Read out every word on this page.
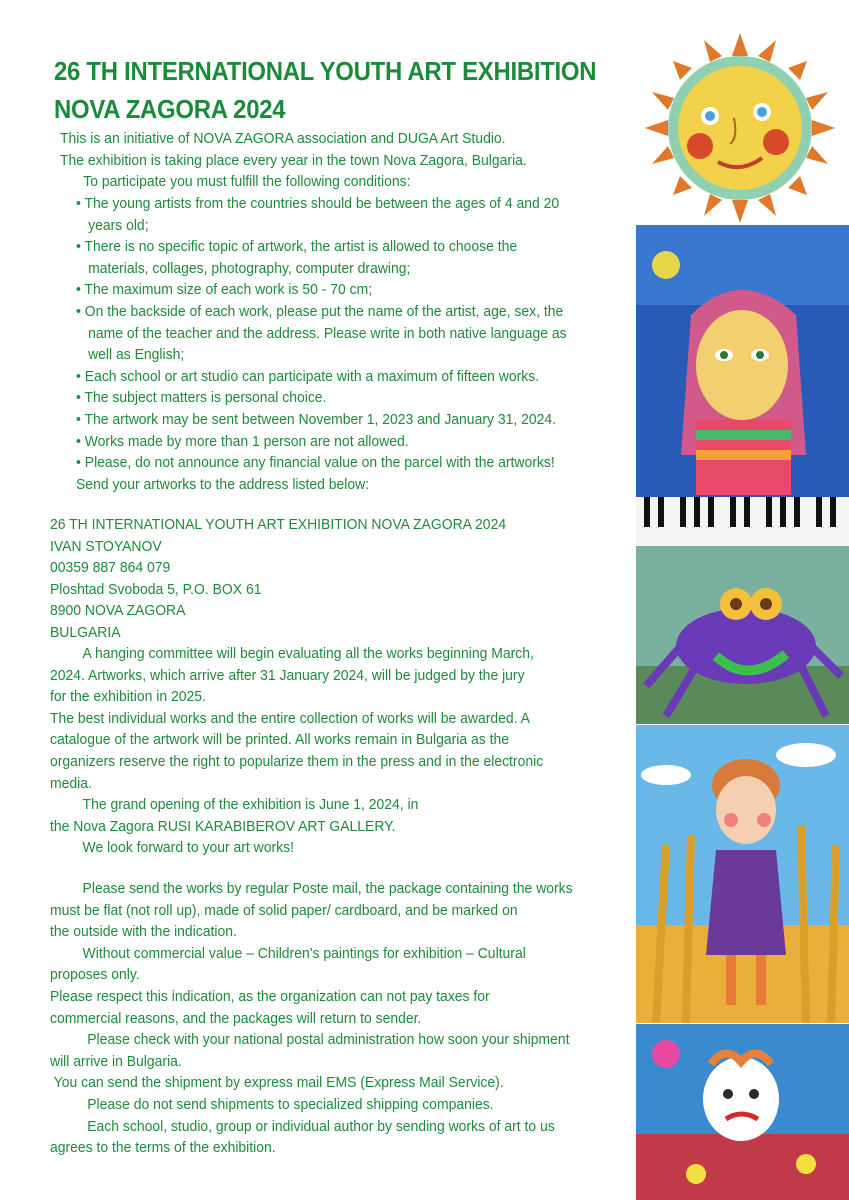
26 TH INTERNATIONAL YOUTH ART EXHIBITION
NOVA ZAGORA 2024
This is an initiative of NOVA ZAGORA association and DUGA Art Studio.
The exhibition is taking place every year in the town Nova Zagora, Bulgaria.
To participate you must fulfill the following conditions:
• The young artists from the countries should be between the ages of 4 and 20
years old;
• There is no specific topic of artwork, the artist is allowed to choose the
materials, collages, photography, computer drawing;
• The maximum size of each work is 50 - 70 cm;
• On the backside of each work, please put the name of the artist, age, sex, the
name of the teacher and the address. Please write in both native language as
well as English;
• Each school or art studio can participate with a maximum of fifteen works.
• The subject matters is personal choice.
• The artwork may be sent between November 1, 2023 and January 31, 2024.
• Works made by more than 1 person are not allowed.
• Please, do not announce any financial value on the parcel with the artworks!
Send your artworks to the address listed below:
26 TH INTERNATIONAL YOUTH ART EXHIBITION NOVA ZAGORA 2024
IVAN STOYANOV
00359 887 864 079
Ploshtad Svoboda 5, P.O. BOX 61
8900 NOVA ZAGORA
BULGARIA
A hanging committee will begin evaluating all the works beginning March,
2024. Artworks, which arrive after 31 January 2024, will be judged by the jury
for the exhibition in 2025.
The best individual works and the entire collection of works will be awarded. A
catalogue of the artwork will be printed. All works remain in Bulgaria as the
organizers reserve the right to popularize them in the press and in the electronic
media.
The grand opening of the exhibition is June 1, 2024, in
the Nova Zagora RUSI KARABIBEROV ART GALLERY.
We look forward to your art works!
Please send the works by regular Poste mail, the package containing the works
must be flat (not roll up), made of solid paper/ cardboard, and be marked on
the outside with the indication.
Without commercial value – Children’s paintings for exhibition – Cultural
proposes only.
Please respect this indication, as the organization can not pay taxes for
commercial reasons, and the packages will return to sender.
Please check with your national postal administration how soon your shipment
will arrive in Bulgaria.
You can send the shipment by express mail EMS (Express Mail Service).
Please do not send shipments to specialized shipping companies.
Each school, studio, group or individual author by sending works of art to us
agrees to the terms of the exhibition.
